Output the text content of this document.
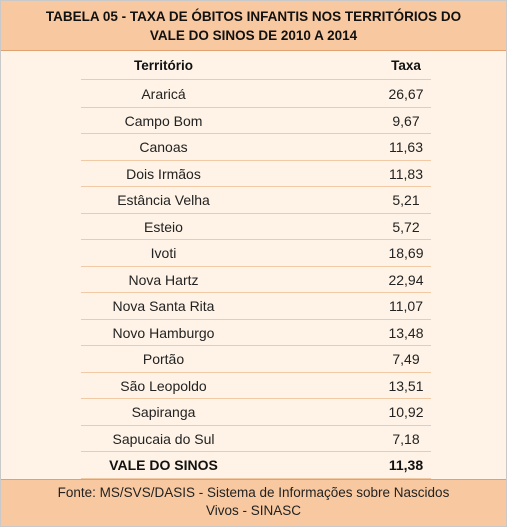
TABELA 05 - TAXA DE ÓBITOS INFANTIS NOS TERRITÓRIOS DO
VALE DO SINOS DE 2010 A 2014
Território	Taxa
Araricá	26,67
Campo Bom	9,67
Canoas	11,63
Dois Irmãos	11,83
Estância Velha	5,21
Esteio	5,72
Ivoti	18,69
Nova Hartz	22,94
Nova Santa Rita	11,07
Novo Hamburgo	13,48
Portão	7,49
São Leopoldo	13,51
Sapiranga	10,92
Sapucaia do Sul	7,18
VALE DO SINOS	11,38
Fonte: MS/SVS/DASIS - Sistema de Informações sobre Nascidos
Vivos - SINASC
